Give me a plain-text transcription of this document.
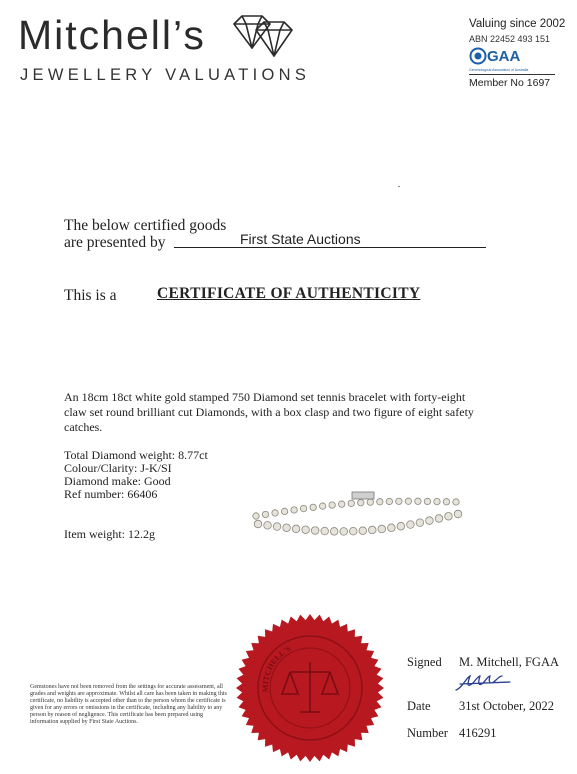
Mitchell’s
JEWELLERY VALUATIONS
Valuing since 2002
ABN 22452 493 151
GAA
Gemmological Association of Australia
Member No 1697
The below certified goods
are presented by	First State Auctions
This is a	CERTIFICATE OF AUTHENTICITY
An 18cm 18ct white gold stamped 750 Diamond set tennis bracelet with forty-eight claw set round brilliant cut Diamonds, with a box clasp and two figure of eight safety catches.
Total Diamond weight: 8.77ct
Colour/Clarity: J-K/SI
Diamond make: Good
Ref number: 66406
Item weight: 12.2g
MITCHELL'S
Gemstones have not been removed from the settings for accurate assessment, all grades and weights are approximate. Whilst all care has been taken in making this certificate, no liability is accepted other than to the person whom the certificate is given for any errors or omissions in the certificate, including any liability to any person by reason of negligence. This certificate has been prepared using information supplied by First State Auctions.
Signed M. Mitchell, FGAA
Date 31st October, 2022
Number 416291
